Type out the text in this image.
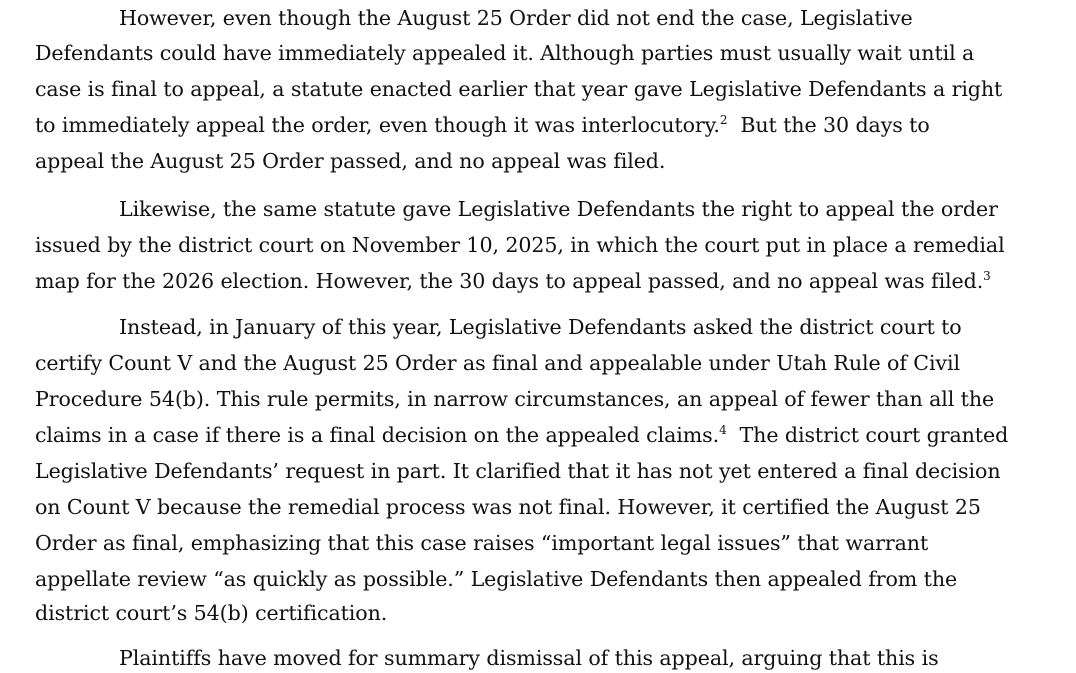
However, even though the August 25 Order did not end the case, Legislative
Defendants could have immediately appealed it. Although parties must usually wait until a
case is final to appeal, a statute enacted earlier that year gave Legislative Defendants a right
to immediately appeal the order, even though it was interlocutory.$^2$  But the 30 days to
appeal the August 25 Order passed, and no appeal was filed.
Likewise, the same statute gave Legislative Defendants the right to appeal the order
issued by the district court on November 10, 2025, in which the court put in place a remedial
map for the 2026 election. However, the 30 days to appeal passed, and no appeal was filed.$^3$
Instead, in January of this year, Legislative Defendants asked the district court to
certify Count V and the August 25 Order as final and appealable under Utah Rule of Civil
Procedure 54(b). This rule permits, in narrow circumstances, an appeal of fewer than all the
claims in a case if there is a final decision on the appealed claims.$^4$  The district court granted
Legislative Defendants’ request in part. It clarified that it has not yet entered a final decision
on Count V because the remedial process was not final. However, it certified the August 25
Order as final, emphasizing that this case raises “important legal issues” that warrant
appellate review “as quickly as possible.” Legislative Defendants then appealed from the
district court’s 54(b) certification.
Plaintiffs have moved for summary dismissal of this appeal, arguing that this is
